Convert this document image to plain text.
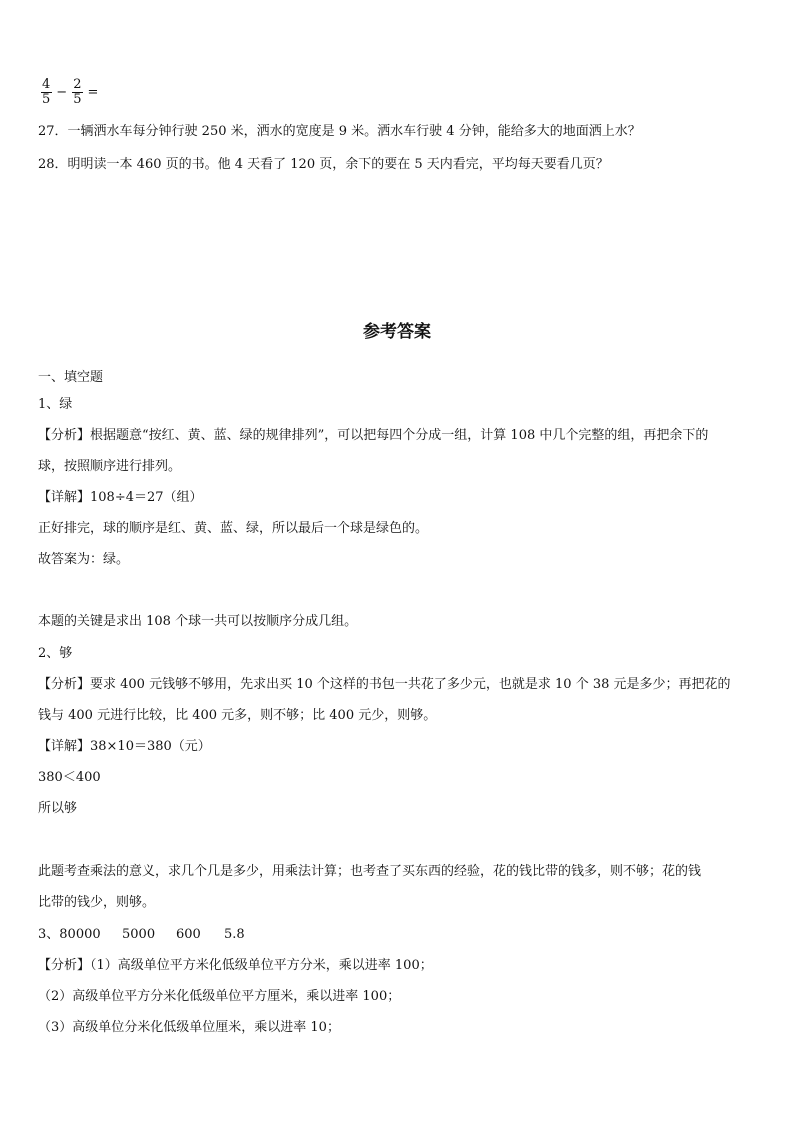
$\frac{4}{5} - \frac{2}{5}$ =
27．一辆洒水车每分钟行驶 250 米，洒水的宽度是 9 米。洒水车行驶 4 分钟，能给多大的地面洒上水？
28．明明读一本 460 页的书。他 4 天看了 120 页，余下的要在 5 天内看完，平均每天要看几页？
参考答案
一、填空题
1、绿
【分析】根据题意“按红、黄、蓝、绿的规律排列”，可以把每四个分成一组，计算 108 中几个完整的组，再把余下的
球，按照顺序进行排列。
【详解】108÷4＝27（组）
正好排完，球的顺序是红、黄、蓝、绿，所以最后一个球是绿色的。
故答案为：绿。
本题的关键是求出 108 个球一共可以按顺序分成几组。
2、够
【分析】要求 400 元钱够不够用，先求出买 10 个这样的书包一共花了多少元，也就是求 10 个 38 元是多少；再把花的
钱与 400 元进行比较，比 400 元多，则不够；比 400 元少，则够。
【详解】38×10＝380（元）
380＜400
所以够
此题考查乘法的意义，求几个几是多少，用乘法计算；也考查了买东西的经验，花的钱比带的钱多，则不够；花的钱
比带的钱少，则够。
3、80000 5000 600 5.8
【分析】（1）高级单位平方米化低级单位平方分米，乘以进率 100；
（2）高级单位平方分米化低级单位平方厘米，乘以进率 100；
（3）高级单位分米化低级单位厘米，乘以进率 10；
